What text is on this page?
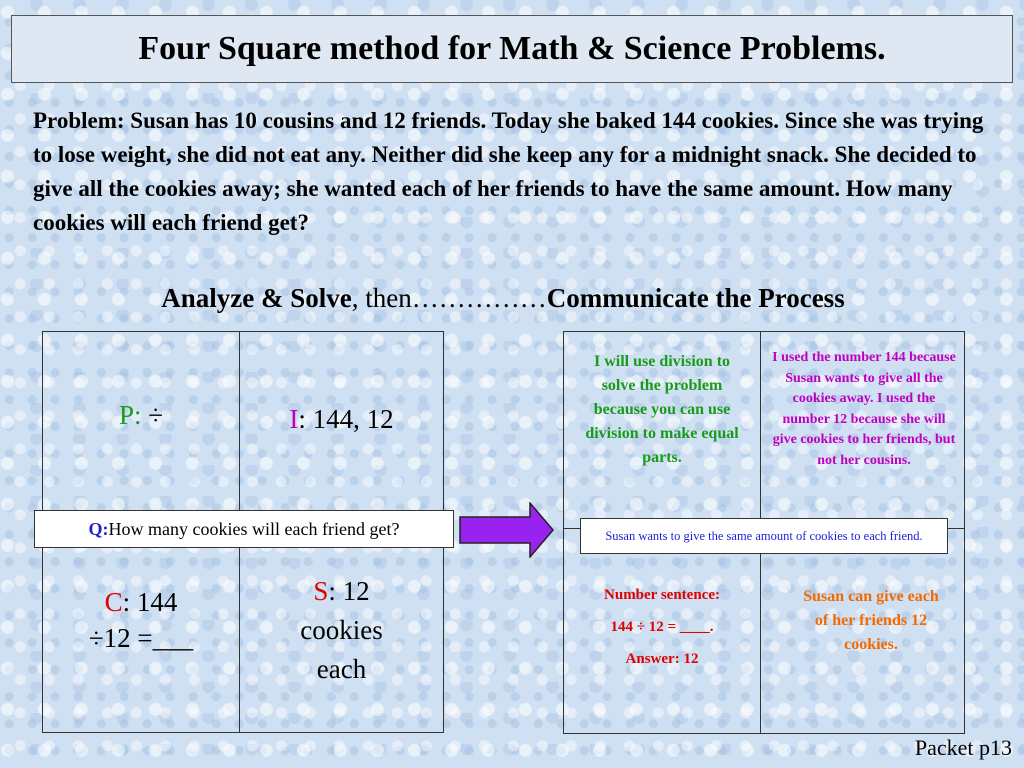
Four Square method for Math & Science Problems.
Problem: Susan has 10 cousins and 12 friends. Today she baked 144 cookies. Since she was trying to lose weight, she did not eat any. Neither did she keep any for a midnight snack. She decided to give all the cookies away; she wanted each of her friends to have the same amount. How many cookies will each friend get?
Analyze & Solve, then……………Communicate the Process
P: ÷	I: 144, 12
C: 144
÷12 =___
S: 12
cookies
each
Q: How many cookies will each friend get?
I will use division to solve the problem because you can use division to make equal parts.
I used the number 144 because Susan wants to give all the cookies away. I used the number 12 because she will give cookies to her friends, but not her cousins.
Number sentence:
144 ÷ 12 = ____.
Answer: 12
Susan can give each of her friends 12 cookies.
Susan wants to give the same amount of cookies to each friend.
Packet p13
